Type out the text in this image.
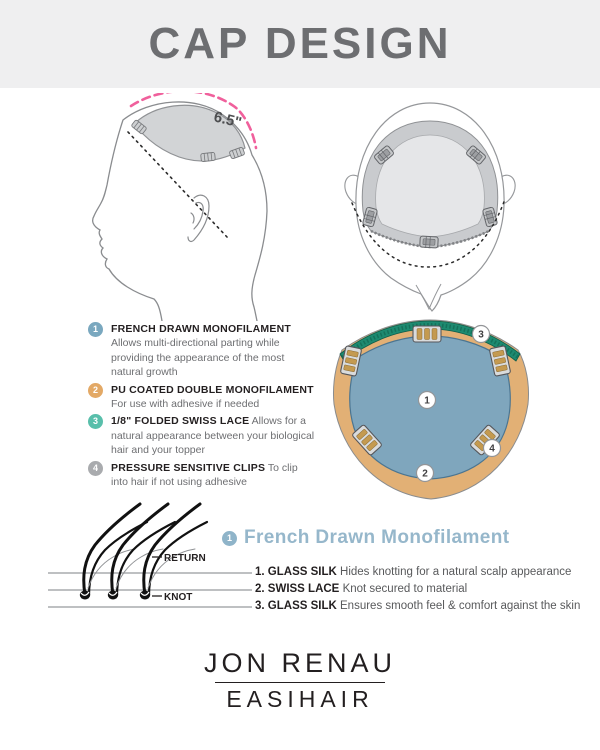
CAP DESIGN
6.5"
1
2
3
4
1	FRENCH DRAWN MONOFILAMENT
Allows multi-directional parting while providing the appearance of the most natural growth
2	PU COATED DOUBLE MONOFILAMENT
For use with adhesive if needed
3	1/8" FOLDED SWISS LACE Allows for a natural appearance between your biological hair and your topper
4	PRESSURE SENSITIVE CLIPS To clip into hair if not using adhesive
RETURN
KNOT
1 French Drawn Monofilament
1. GLASS SILK Hides knotting for a natural scalp appearance
2. SWISS LACE Knot secured to material
3. GLASS SILK Ensures smooth feel & comfort against the skin
JON RENAU
EASIHAIR
